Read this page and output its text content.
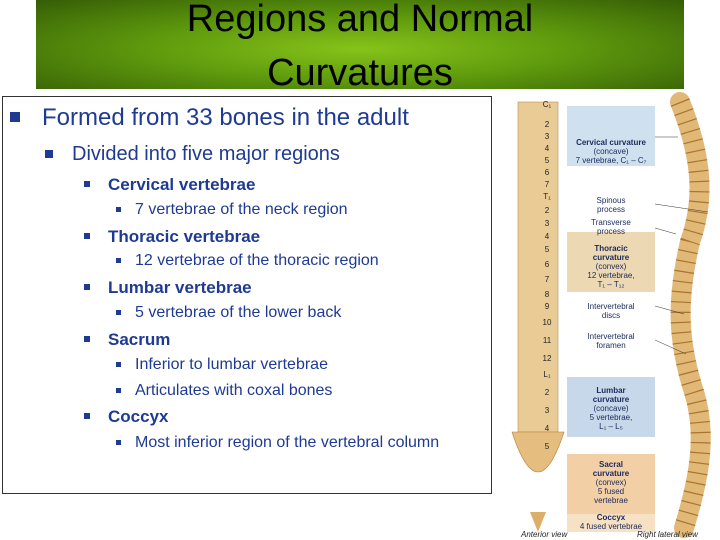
Regions and Normal
Curvatures
Formed from 33 bones in the adult
Divided into five major regions
Cervical vertebrae
7 vertebrae of the neck region
Thoracic vertebrae
12 vertebrae of the thoracic region
Lumbar vertebrae
5 vertebrae of the lower back
Sacrum
Inferior to lumbar vertebrae
Articulates with coxal bones
Coccyx
Most inferior region of the vertebral column
C₁
2
3
4
5
6
7
T₁
2
3
4
5
6
7
8
9
10
11
12
L₁
2
3
4
5
Cervical curvature
(concave)
7 vertebrae, C₁ – C₇
Spinous
process
Transverse
process
Thoracic
curvature
(convex)
12 vertebrae,
T₁ – T₁₂
Intervertebral
discs
Intervertebral
foramen
Lumbar
curvature
(concave)
5 vertebrae,
L₁ – L₅
Sacral
curvature
(convex)
5 fused
vertebrae
Coccyx
4 fused vertebrae
Anterior view	Right lateral view
